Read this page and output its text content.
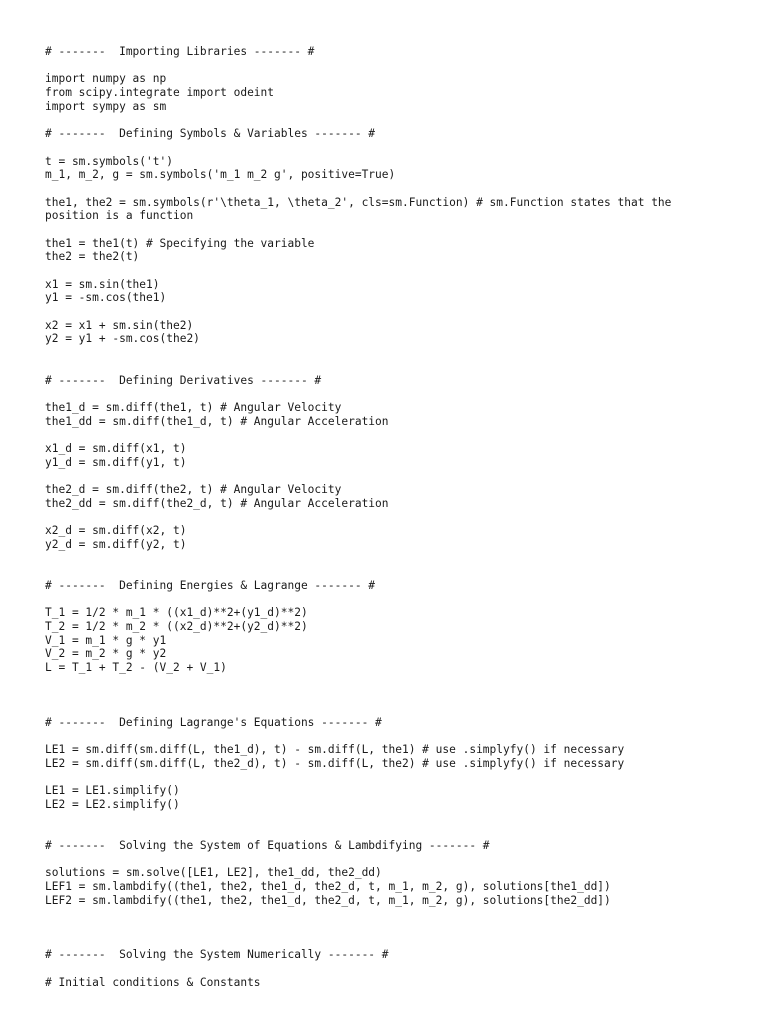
# -------  Importing Libraries ------- #
import numpy as np
from scipy.integrate import odeint
import sympy as sm
# -------  Defining Symbols & Variables ------- #
t = sm.symbols('t')
m_1, m_2, g = sm.symbols('m_1 m_2 g', positive=True)
the1, the2 = sm.symbols(r'\theta_1, \theta_2', cls=sm.Function) # sm.Function states that the
position is a function
the1 = the1(t) # Specifying the variable
the2 = the2(t)
x1 = sm.sin(the1)
y1 = -sm.cos(the1)
x2 = x1 + sm.sin(the2)
y2 = y1 + -sm.cos(the2)
# -------  Defining Derivatives ------- #
the1_d = sm.diff(the1, t) # Angular Velocity
the1_dd = sm.diff(the1_d, t) # Angular Acceleration
x1_d = sm.diff(x1, t)
y1_d = sm.diff(y1, t)
the2_d = sm.diff(the2, t) # Angular Velocity
the2_dd = sm.diff(the2_d, t) # Angular Acceleration
x2_d = sm.diff(x2, t)
y2_d = sm.diff(y2, t)
# -------  Defining Energies & Lagrange ------- #
T_1 = 1/2 * m_1 * ((x1_d)**2+(y1_d)**2)
T_2 = 1/2 * m_2 * ((x2_d)**2+(y2_d)**2)
V_1 = m_1 * g * y1
V_2 = m_2 * g * y2
L = T_1 + T_2 - (V_2 + V_1)
# -------  Defining Lagrange's Equations ------- #
LE1 = sm.diff(sm.diff(L, the1_d), t) - sm.diff(L, the1) # use .simplyfy() if necessary
LE2 = sm.diff(sm.diff(L, the2_d), t) - sm.diff(L, the2) # use .simplyfy() if necessary
LE1 = LE1.simplify()
LE2 = LE2.simplify()
# -------  Solving the System of Equations & Lambdifying ------- #
solutions = sm.solve([LE1, LE2], the1_dd, the2_dd)
LEF1 = sm.lambdify((the1, the2, the1_d, the2_d, t, m_1, m_2, g), solutions[the1_dd])
LEF2 = sm.lambdify((the1, the2, the1_d, the2_d, t, m_1, m_2, g), solutions[the2_dd])
# -------  Solving the System Numerically ------- #
# Initial conditions & Constants
